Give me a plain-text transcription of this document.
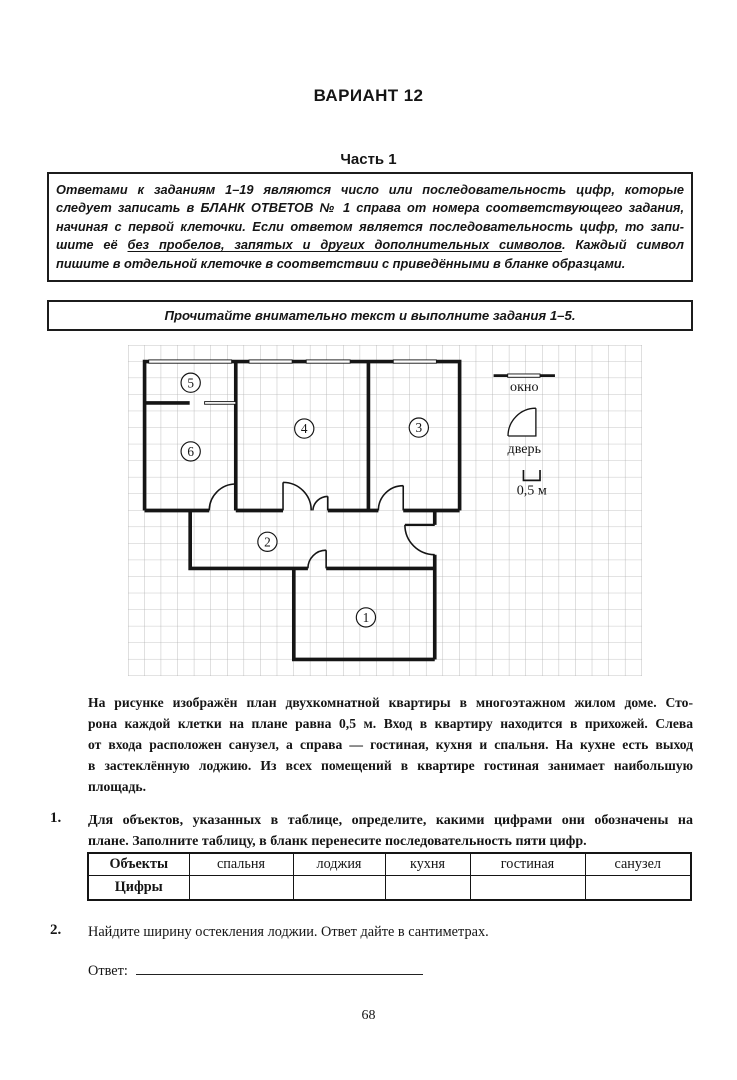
ВАРИАНТ 12
Часть 1
Ответами к заданиям 1–19 являются число или последовательность цифр, которые
следует записать в БЛАНК ОТВЕТОВ № 1 справа от номера соответствующего задания,
начиная с первой клеточки. Если ответом является последовательность цифр, то запи-
шите её без пробелов, запятых и других дополнительных символов. Каждый символ
пишите в отдельной клеточке в соответствии с приведёнными в бланке образцами.
Прочитайте внимательно текст и выполните задания 1–5.
На рисунке изображён план двухкомнатной квартиры в многоэтажном жилом доме. Сто-
рона каждой клетки на плане равна 0,5 м. Вход в квартиру находится в прихожей. Слева
от входа расположен санузел, а справа — гостиная, кухня и спальня. На кухне есть выход
в застеклённую лоджию. Из всех помещений в квартире гостиная занимает наибольшую
площадь.
1.	Для объектов, указанных в таблице, определите, какими цифрами они обозначены на
плане. Заполните таблицу, в бланк перенесите последовательность пяти цифр.
Объекты	спальня	лоджия	кухня	гостиная	санузел
Цифры					
2.	Найдите ширину остекления лоджии. Ответ дайте в сантиметрах.
Ответ:
68
